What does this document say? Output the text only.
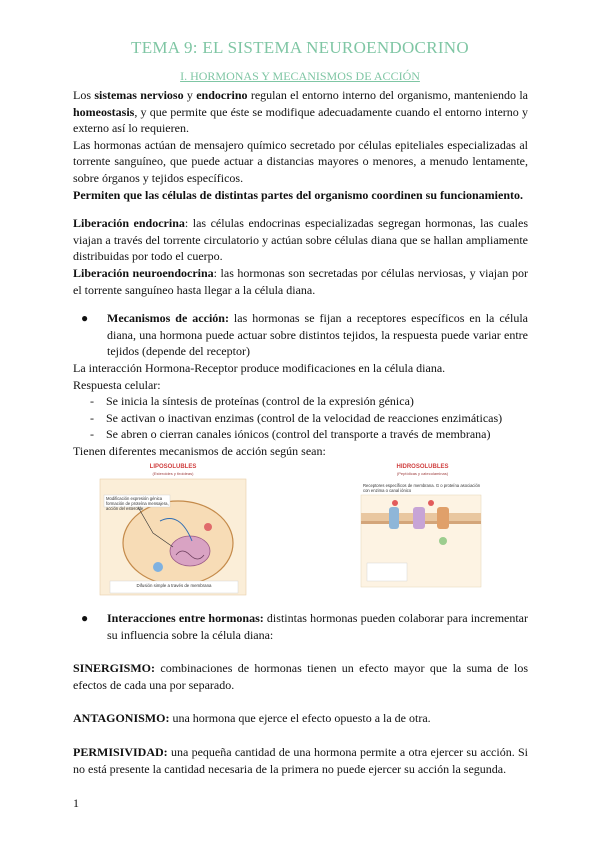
TEMA 9: EL SISTEMA NEUROENDOCRINO
I. HORMONAS Y MECANISMOS DE ACCIÓN

Los sistemas nervioso y endocrino regulan el entorno interno del organismo, manteniendo la homeostasis, y que permite que éste se modifique adecuadamente cuando el entorno interno y externo así lo requieren.

Las hormonas actúan de mensajero químico secretado por células epiteliales especializadas al torrente sanguíneo, que puede actuar a distancias mayores o menores, a menudo lentamente, sobre órganos y tejidos específicos.

Permiten que las células de distintas partes del organismo coordinen su funcionamiento.

Liberación endocrina: las células endocrinas especializadas segregan hormonas, las cuales viajan a través del torrente circulatorio y actúan sobre células diana que se hallan ampliamente distribuidas por todo el cuerpo.

Liberación neuroendocrina: las hormonas son secretadas por células nerviosas, y viajan por el torrente sanguíneo hasta llegar a la célula diana.

●	Mecanismos de acción: las hormonas se fijan a receptores específicos en la célula diana, una hormona puede actuar sobre distintos tejidos, la respuesta puede variar entre tejidos (depende del receptor)

La interacción Hormona-Receptor produce modificaciones en la célula diana.

Respuesta celular:

-	Se inicia la síntesis de proteínas (control de la expresión génica)
-	Se activan o inactivan enzimas (control de la velocidad de reacciones enzimáticas)
-	Se abren o cierran canales iónicos (control del transporte a través de membrana)

Tienen diferentes mecanismos de acción según sean:

LIPOSOLUBLES
(Esteroides y tiroideas)
Modificación expresión génica formación de proteína mensajera, acción del esteroide
Difusión simple a través de membrana
HIDROSOLUBLES
(Peptídicas y catecolaminas)
Receptores específicos de membrana. G o proteína asociación con enzima o canal iónico
●	Interacciones entre hormonas: distintas hormonas pueden colaborar para incrementar su influencia sobre la célula diana:

SINERGISMO: combinaciones de hormonas tienen un efecto mayor que la suma de los efectos de cada una por separado.

ANTAGONISMO: una hormona que ejerce el efecto opuesto a la de otra.

PERMISIVIDAD: una pequeña cantidad de una hormona permite a otra ejercer su acción. Si no está presente la cantidad necesaria de la primera no puede ejercer su acción la segunda.

1
